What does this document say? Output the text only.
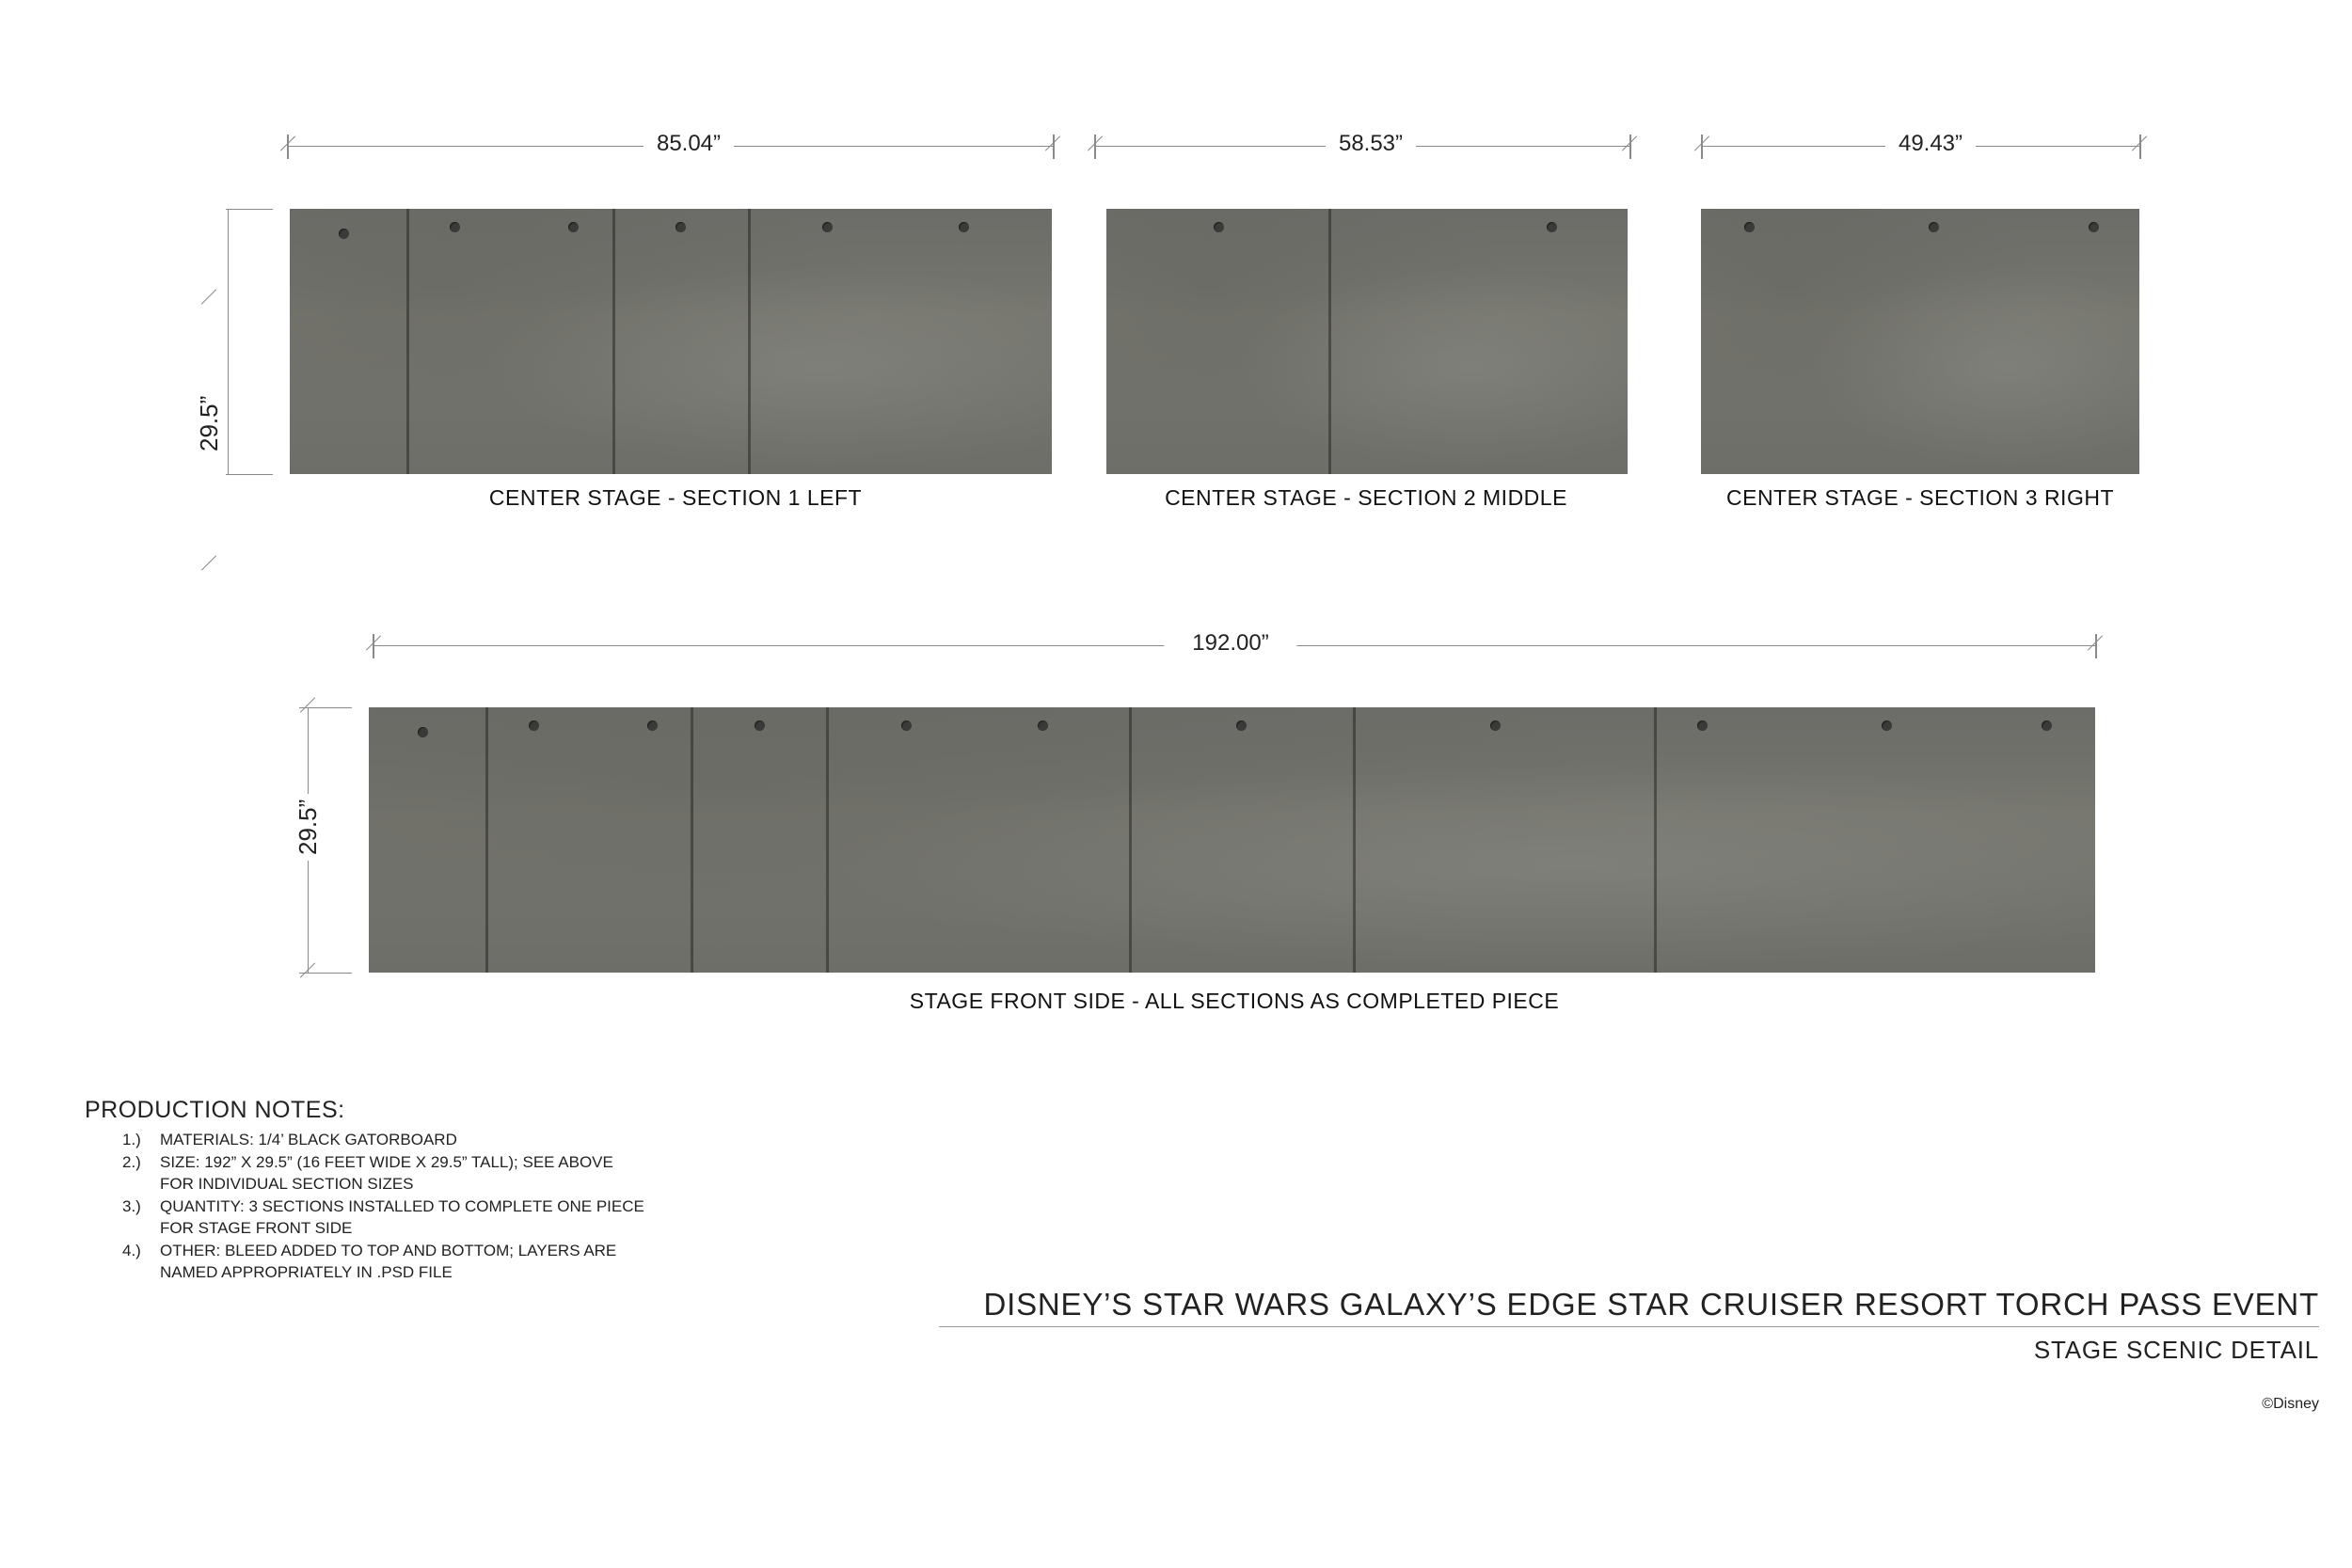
85.04”	58.53”	49.43”
29.5”
CENTER STAGE - SECTION 1 LEFT	CENTER STAGE - SECTION 2 MIDDLE	CENTER STAGE - SECTION 3 RIGHT
192.00”
29.5”
STAGE FRONT SIDE - ALL SECTIONS AS COMPLETED PIECE
PRODUCTION NOTES:
1.) MATERIALS: 1/4’ BLACK GATORBOARD
2.) SIZE: 192” X 29.5” (16 FEET WIDE X 29.5” TALL); SEE ABOVE
FOR INDIVIDUAL SECTION SIZES
3.) QUANTITY: 3 SECTIONS INSTALLED TO COMPLETE ONE PIECE
FOR STAGE FRONT SIDE
4.) OTHER: BLEED ADDED TO TOP AND BOTTOM; LAYERS ARE
NAMED APPROPRIATELY IN .PSD FILE
DISNEY’S STAR WARS GALAXY’S EDGE STAR CRUISER RESORT TORCH PASS EVENT
STAGE SCENIC DETAIL
©Disney
